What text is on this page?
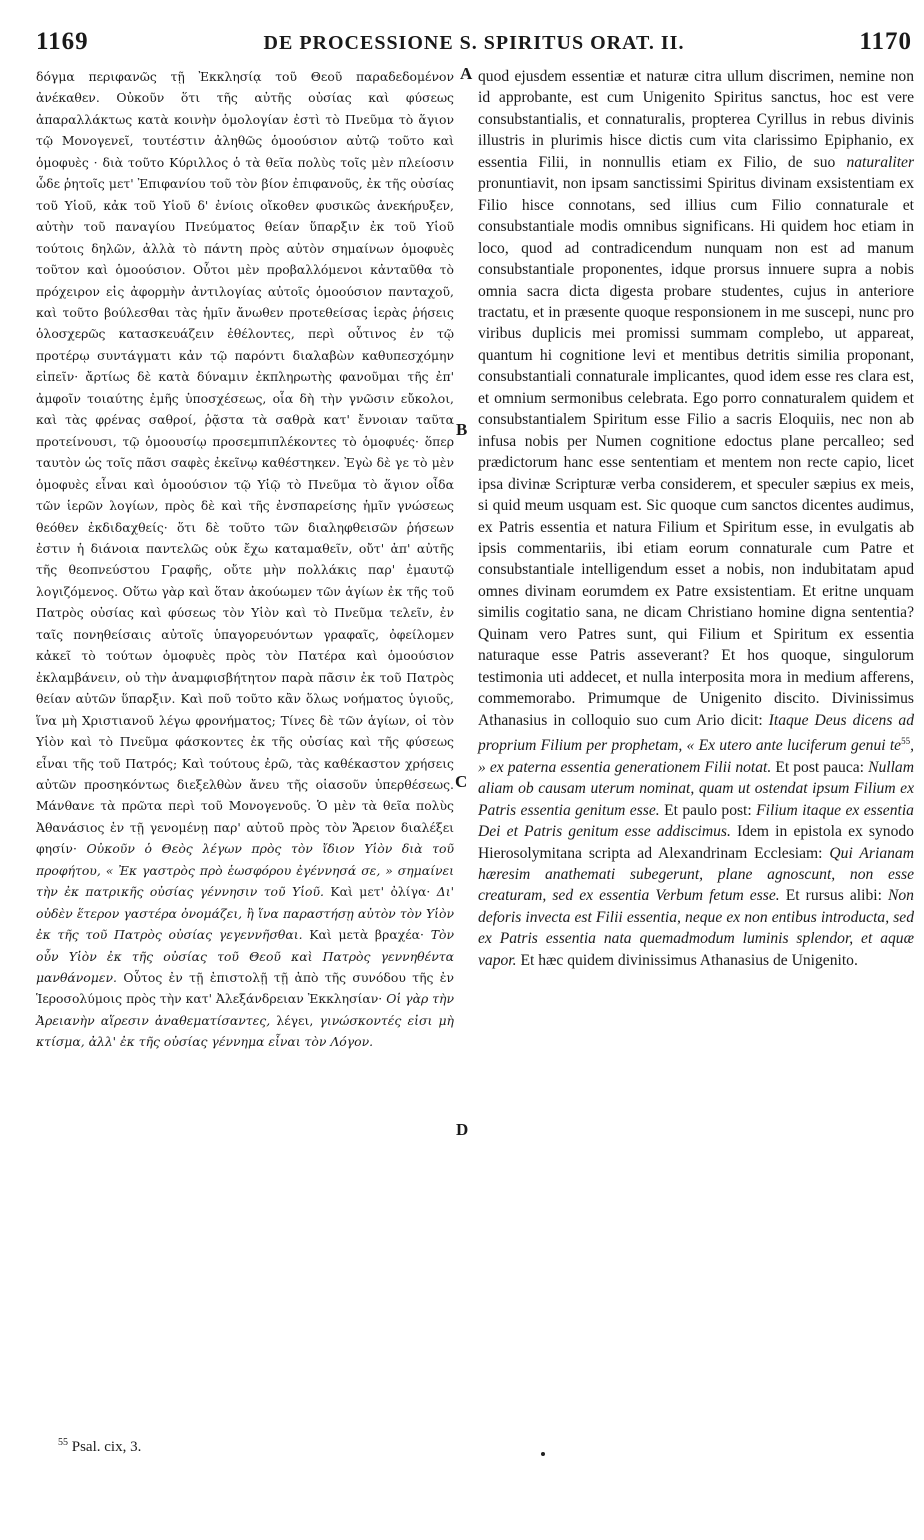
1169	DE PROCESSIONE S. SPIRITUS ORAT. II.	1170

δόγμα περιφανῶς τῇ Ἐκκλησίᾳ τοῦ Θεοῦ παραδεδομένον ἀνέκαθεν. Οὐκοῦν ὅτι τῆς αὐτῆς οὐσίας καὶ φύσεως ἀπαραλλάκτως κατὰ κοινὴν ὁμολογίαν ἐστὶ τὸ Πνεῦμα τὸ ἅγιον τῷ Μονογενεῖ, τουτέστιν ἀληθῶς ὁμοούσιον αὐτῷ τοῦτο καὶ ὁμοφυὲς · διὰ τοῦτο Κύριλλος ὁ τὰ θεῖα πολὺς τοῖς μὲν πλείοσιν ὧδε ῥητοῖς μετ' Ἐπιφανίου τοῦ τὸν βίον ἐπιφανοῦς, ἐκ τῆς οὐσίας τοῦ Υἱοῦ, κἀκ τοῦ Υἱοῦ δ' ἐνίοις οἴκοθεν φυσικῶς ἀνεκήρυξεν, αὐτὴν τοῦ παναγίου Πνεύματος θείαν ὕπαρξιν ἐκ τοῦ Υἱοῦ τούτοις δηλῶν, ἀλλὰ τὸ πάντη πρὸς αὐτὸν σημαίνων ὁμοφυὲς τοῦτον καὶ ὁμοούσιον. Οὗτοι μὲν προβαλλόμενοι κἀνταῦθα τὸ πρόχειρον εἰς ἀφορμὴν ἀντιλογίας αὐτοῖς ὁμοούσιον πανταχοῦ, καὶ τοῦτο βούλεσθαι τὰς ἡμῖν ἄνωθεν προτεθείσας ἱερὰς ῥήσεις ὁλοσχερῶς κατασκευάζειν ἐθέλοντες, περὶ οὗτινος ἐν τῷ προτέρῳ συντάγματι κἀν τῷ παρόντι διαλαβὼν καθυπεσχόμην εἰπεῖν· ἄρτίως δὲ κατὰ δύναμιν ἐκπληρωτὴς φανοῦμαι τῆς ἐπ' ἀμφοῖν τοιαύτης ἐμῆς ὑποσχέσεως, οἷα δὴ τὴν γνῶσιν εὔκολοι, καὶ τὰς φρένας σαθροί, ῥᾷστα τὰ σαθρὰ κατ' ἔννοιαν ταῦτα προτείνουσι, τῷ ὁμοουσίῳ προσεμπιπλέκοντες τὸ ὁμοφυές· ὅπερ ταυτὸν ὡς τοῖς πᾶσι σαφὲς ἐκεῖνῳ καθέστηκεν. Ἐγὼ δὲ γε τὸ μὲν ὁμοφυὲς εἶναι καὶ ὁμοούσιον τῷ Υἱῷ τὸ Πνεῦμα τὸ ἅγιον οἶδα τῶν ἱερῶν λογίων, πρὸς δὲ καὶ τῆς ἐνσπαρείσης ἡμῖν γνώσεως θεόθεν ἐκδιδαχθείς· ὅτι δὲ τοῦτο τῶν διαληφθεισῶν ῥήσεων ἐστιν ἡ διάνοια παντελῶς οὐκ ἔχω καταμαθεῖν, οὔτ' ἀπ' αὐτῆς τῆς θεοπνεύστου Γραφῆς, οὔτε μὴν πολλάκις παρ' ἐμαυτῷ λογιζόμενος. Οὕτω γὰρ καὶ ὅταν ἀκούωμεν τῶν ἁγίων ἐκ τῆς τοῦ Πατρὸς οὐσίας καὶ φύσεως τὸν Υἱὸν καὶ τὸ Πνεῦμα τελεῖν, ἐν ταῖς πονηθείσαις αὐτοῖς ὑπαγορευόντων γραφαῖς, ὀφείλομεν κἀκεῖ τὸ τούτων ὁμοφυὲς πρὸς τὸν Πατέρα καὶ ὁμοούσιον ἐκλαμβάνειν, οὐ τὴν ἀναμφισβήτητον παρὰ πᾶσιν ἐκ τοῦ Πατρὸς θείαν αὐτῶν ὕπαρξιν. Καὶ ποῦ τοῦτο κἂν ὅλως νοήματος ὑγιοῦς, ἵνα μὴ Χριστιανοῦ λέγω φρονήματος; Τίνες δὲ τῶν ἁγίων, οἱ τὸν Υἱὸν καὶ τὸ Πνεῦμα φάσκοντες ἐκ τῆς οὐσίας καὶ τῆς φύσεως εἶναι τῆς τοῦ Πατρός; Καὶ τούτους ἐρῶ, τὰς καθέκαστον χρήσεις αὐτῶν προσηκόντως διεξελθὼν ἄνευ τῆς οἱασοῦν ὑπερθέσεως. Μάνθανε τὰ πρῶτα περὶ τοῦ Μονογενοῦς. Ὁ μὲν τὰ θεῖα πολὺς Ἀθανάσιος ἐν τῇ γενομένῃ παρ' αὐτοῦ πρὸς τὸν Ἄρειον διαλέξει φησίν· Οὐκοῦν ὁ Θεὸς λέγων πρὸς τὸν ἴδιον Υἱὸν διὰ τοῦ προφήτου, « Ἐκ γαστρὸς πρὸ ἑωσφόρου ἐγέννησά σε, » σημαίνει τὴν ἐκ πατρικῆς οὐσίας γέννησιν τοῦ Υἱοῦ. Καὶ μετ' ὀλίγα· Δι' οὐδὲν ἕτερον γαστέρα ὀνομάζει, ἢ ἵνα παραστήσῃ αὐτὸν τὸν Υἱὸν ἐκ τῆς τοῦ Πατρὸς οὐσίας γεγεννῆσθαι. Καὶ μετὰ βραχέα· Τὸν οὖν Υἱὸν ἐκ τῆς οὐσίας τοῦ Θεοῦ καὶ Πατρὸς γεννηθέντα μανθάνομεν. Οὗτος ἐν τῇ ἐπιστολῇ τῇ ἀπὸ τῆς συνόδου τῆς ἐν Ἱεροσολύμοις πρὸς τὴν κατ' Ἀλεξάνδρειαν Ἐκκλησίαν· Οἱ γὰρ τὴν Ἀρειανὴν αἵρεσιν ἀναθεματίσαντες, λέγει, γινώσκοντές εἰσι μὴ κτίσμα, ἀλλ' ἐκ τῆς οὐσίας γέννημα εἶναι τὸν Λόγον.

quod ejusdem essentiæ et naturæ citra ullum discrimen, nemine non id approbante, est cum Unigenito Spiritus sanctus, hoc est vere consubstantialis, et connaturalis, propterea Cyrillus in rebus divinis illustris in plurimis hisce dictis cum vita clarissimo Epiphanio, ex essentia Filii, in nonnullis etiam ex Filio, de suo naturaliter pronuntiavit, non ipsam sanctissimi Spiritus divinam exsistentiam ex Filio hisce connotans, sed illius cum Filio connaturale et consubstantiale modis omnibus significans. Hi quidem hoc etiam in loco, quod ad contradicendum nunquam non est ad manum consubstantiale proponentes, idque prorsus innuere supra a nobis omnia sacra dicta digesta probare studentes, cujus in anteriore tractatu, et in præsente quoque responsionem in me suscepi, nunc pro viribus duplicis mei promissi summam complebo, ut appareat, quantum hi cognitione levi et mentibus detritis similia proponant, consubstantiali connaturale implicantes, quod idem esse res clara est, et omnium sermonibus celebrata. Ego porro connaturalem quidem et consubstantialem Spiritum esse Filio a sacris Eloquiis, nec non ab infusa nobis per Numen cognitione edoctus plane percalleo; sed prædictorum hanc esse sententiam et mentem non recte capio, licet ipsa divinæ Scripturæ verba considerem, et speculer sæpius ex meis, si quid meum usquam est. Sic quoque cum sanctos dicentes audimus, ex Patris essentia et natura Filium et Spiritum esse, in evulgatis ab ipsis commentariis, ibi etiam eorum connaturale cum Patre et consubstantiale intelligendum esset a nobis, non indubitatam apud omnes divinam eorumdem ex Patre exsistentiam. Et eritne unquam similis cogitatio sana, ne dicam Christiano homine digna sententia? Quinam vero Patres sunt, qui Filium et Spiritum ex essentia naturaque esse Patris asseverant? Et hos quoque, singulorum testimonia uti addecet, et nulla interposita mora in medium afferens, commemorabo. Primumque de Unigenito discito. Divinissimus Athanasius in colloquio suo cum Ario dicit: Itaque Deus dicens ad proprium Filium per prophetam, « Ex utero ante luciferum genui $te^{55}$, » ex paterna essentia generationem Filii notat. Et post pauca: Nullam aliam ob causam uterum nominat, quam ut ostendat ipsum Filium ex Patris essentia genitum esse. Et paulo post: Filium itaque ex essentia Dei et Patris genitum esse addiscimus. Idem in epistola ex synodo Hierosolymitana scripta ad Alexandrinam Ecclesiam: Qui Arianam hæresim anathemati subegerunt, plane agnoscunt, non esse creaturam, sed ex essentia Verbum fetum esse. Et rursus alibi: Non deforis invecta est Filii essentia, neque ex non entibus introducta, sed ex Patris essentia nata quemadmodum luminis splendor, et aquæ vapor. Et hæc quidem divinissimus Athanasius de Unigenito.

A
B
C
D
$^{55}$ Psal. cix, 3.
